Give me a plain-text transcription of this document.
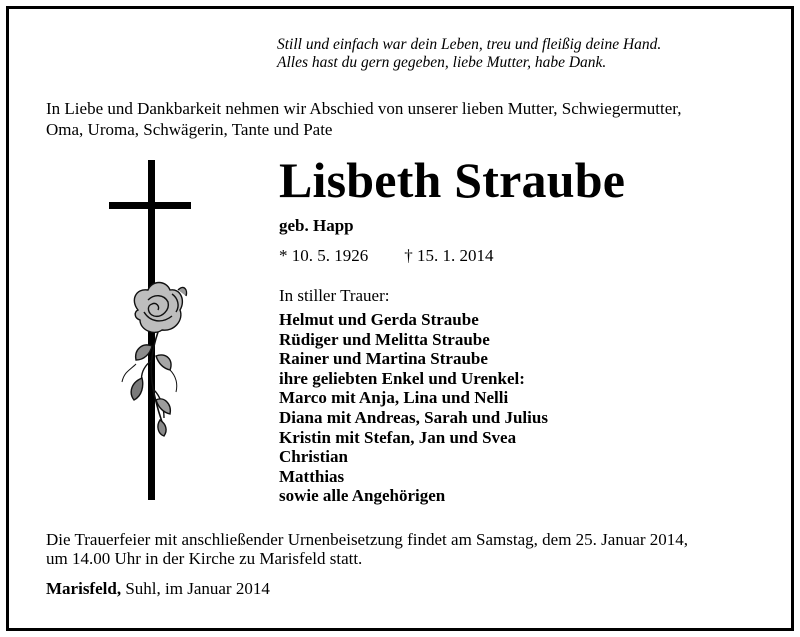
Still und einfach war dein Leben, treu und fleißig deine Hand.
Alles hast du gern gegeben, liebe Mutter, habe Dank.
In Liebe und Dankbarkeit nehmen wir Abschied von unserer lieben Mutter, Schwiegermutter,
Oma, Uroma, Schwägerin, Tante und Pate
Lisbeth Straube
geb. Happ
* 10. 5. 1926 † 15. 1. 2014
In stiller Trauer:
Helmut und Gerda Straube
Rüdiger und Melitta Straube
Rainer und Martina Straube
ihre geliebten Enkel und Urenkel:
Marco mit Anja, Lina und Nelli
Diana mit Andreas, Sarah und Julius
Kristin mit Stefan, Jan und Svea
Christian
Matthias
sowie alle Angehörigen
Die Trauerfeier mit anschließender Urnenbeisetzung findet am Samstag, dem 25. Januar 2014,
um 14.00 Uhr in der Kirche zu Marisfeld statt.
Marisfeld, Suhl, im Januar 2014
